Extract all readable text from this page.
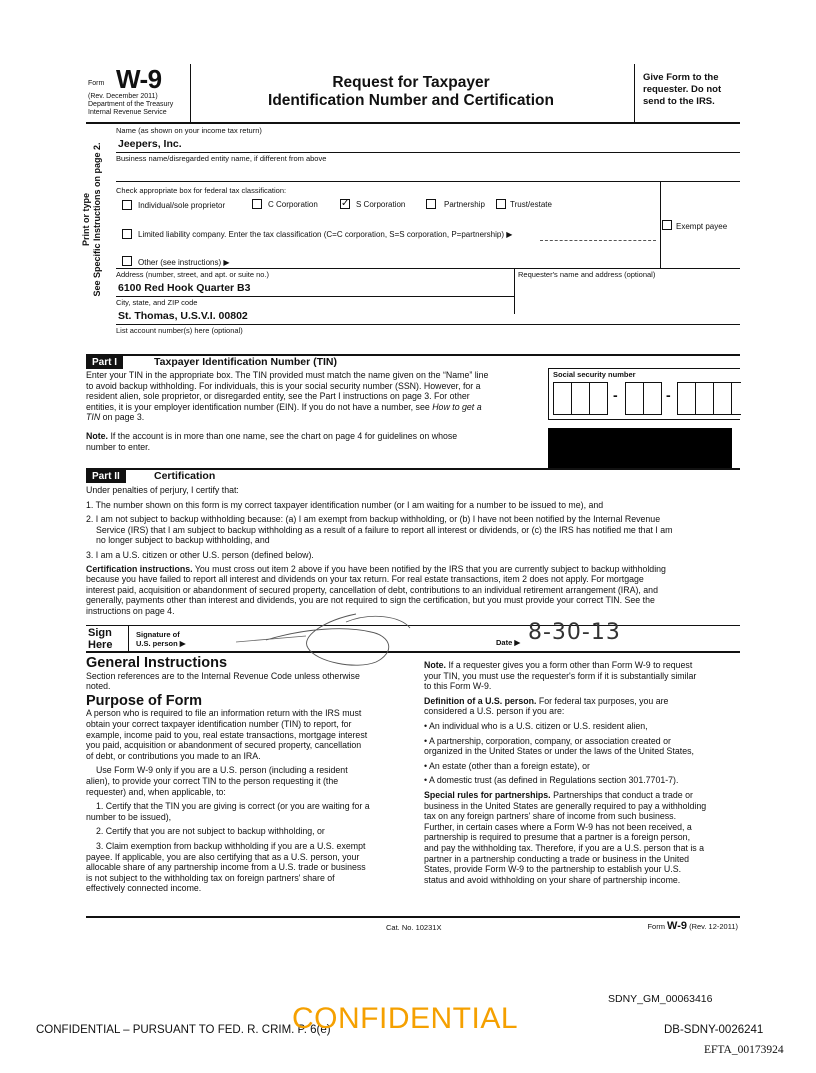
Form W-9
(Rev. December 2011)
Department of the Treasury
Internal Revenue Service
Request for Taxpayer
Identification Number and Certification
Give Form to the
requester. Do not
send to the IRS.
Print or type See Specific Instructions on page 2.
Name (as shown on your income tax return)
Jeepers, Inc.
Business name/disregarded entity name, if different from above
Check appropriate box for federal tax classification:
Individual/sole proprietor	C Corporation ✓ S Corporation	Partnership	Trust/estate
Exempt payee
Limited liability company. Enter the tax classification (C=C corporation, S=S corporation, P=partnership) ▶
Other (see instructions) ▶
Address (number, street, and apt. or suite no.)	Requester's name and address (optional)
6100 Red Hook Quarter B3
City, state, and ZIP code
St. Thomas, U.S.V.I. 00802
List account number(s) here (optional)
Part I	Taxpayer Identification Number (TIN)
Enter your TIN in the appropriate box. The TIN provided must match the name given on the “Name” line
to avoid backup withholding. For individuals, this is your social security number (SSN). However, for a
resident alien, sole proprietor, or disregarded entity, see the Part I instructions on page 3. For other
entities, it is your employer identification number (EIN). If you do not have a number, see How to get a
TIN on page 3.
Note. If the account is in more than one name, see the chart on page 4 for guidelines on whose
number to enter.
Social security number
-	-
Part II	Certification
Under penalties of perjury, I certify that:
1. The number shown on this form is my correct taxpayer identification number (or I am waiting for a number to be issued to me), and
2. I am not subject to backup withholding because: (a) I am exempt from backup withholding, or (b) I have not been notified by the Internal Revenue
Service (IRS) that I am subject to backup withholding as a result of a failure to report all interest or dividends, or (c) the IRS has notified me that I am
no longer subject to backup withholding, and
3. I am a U.S. citizen or other U.S. person (defined below).
Certification instructions. You must cross out item 2 above if you have been notified by the IRS that you are currently subject to backup withholding
because you have failed to report all interest and dividends on your tax return. For real estate transactions, item 2 does not apply. For mortgage
interest paid, acquisition or abandonment of secured property, cancellation of debt, contributions to an individual retirement arrangement (IRA), and
generally, payments other than interest and dividends, you are not required to sign the certification, but you must provide your correct TIN. See the
instructions on page 4.
Sign
Here
Signature of
U.S. person ▶	Date ▶ 8-30-13
General Instructions
Section references are to the Internal Revenue Code unless otherwise
noted.
Purpose of Form
A person who is required to file an information return with the IRS must
obtain your correct taxpayer identification number (TIN) to report, for
example, income paid to you, real estate transactions, mortgage interest
you paid, acquisition or abandonment of secured property, cancellation
of debt, or contributions you made to an IRA.
Use Form W-9 only if you are a U.S. person (including a resident
alien), to provide your correct TIN to the person requesting it (the
requester) and, when applicable, to:
1. Certify that the TIN you are giving is correct (or you are waiting for a
number to be issued),
2. Certify that you are not subject to backup withholding, or
3. Claim exemption from backup withholding if you are a U.S. exempt
payee. If applicable, you are also certifying that as a U.S. person, your
allocable share of any partnership income from a U.S. trade or business
is not subject to the withholding tax on foreign partners' share of
effectively connected income.
Note. If a requester gives you a form other than Form W-9 to request
your TIN, you must use the requester's form if it is substantially similar
to this Form W-9.
Definition of a U.S. person. For federal tax purposes, you are
considered a U.S. person if you are:
• An individual who is a U.S. citizen or U.S. resident alien,
• A partnership, corporation, company, or association created or
organized in the United States or under the laws of the United States,
• An estate (other than a foreign estate), or
• A domestic trust (as defined in Regulations section 301.7701-7).
Special rules for partnerships. Partnerships that conduct a trade or
business in the United States are generally required to pay a withholding
tax on any foreign partners' share of income from such business.
Further, in certain cases where a Form W-9 has not been received, a
partnership is required to presume that a partner is a foreign person,
and pay the withholding tax. Therefore, if you are a U.S. person that is a
partner in a partnership conducting a trade or business in the United
States, provide Form W-9 to the partnership to establish your U.S.
status and avoid withholding on your share of partnership income.
Cat. No. 10231X	Form W-9 (Rev. 12-2011)
SDNY_GM_00063416
CONFIDENTIAL – PURSUANT TO FED. R. CRIM. P. 6(e)
CONFIDENTIAL	DB-SDNY-0026241
EFTA_00173924
